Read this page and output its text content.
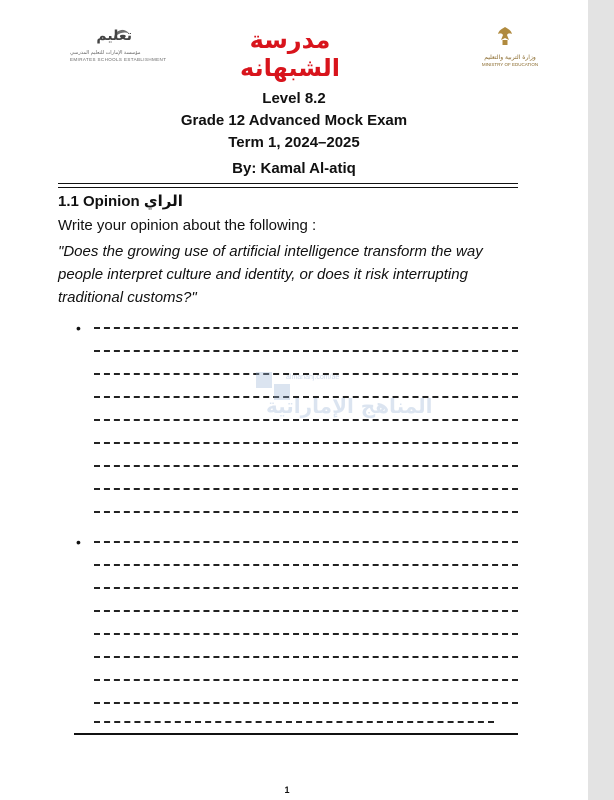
تعليم
مؤسسة الإمارات للتعليم المدرسي
EMIRATES SCHOOLS ESTABLISHMENT
مدرسة الشبهانه	وزارة التربية والتعليم
MINISTRY OF EDUCATION
Level 8.2
Grade 12 Advanced Mock Exam
Term 1, 2024–2025
By: Kamal Al-atiq
1.1 Opinion الراي
Write your opinion about the following :
"Does the growing use of artificial intelligence transform the way people interpret culture and identity, or does it risk interrupting traditional customs?"
•
almanahj.com/ae
المناهج الإماراتية
•
1
